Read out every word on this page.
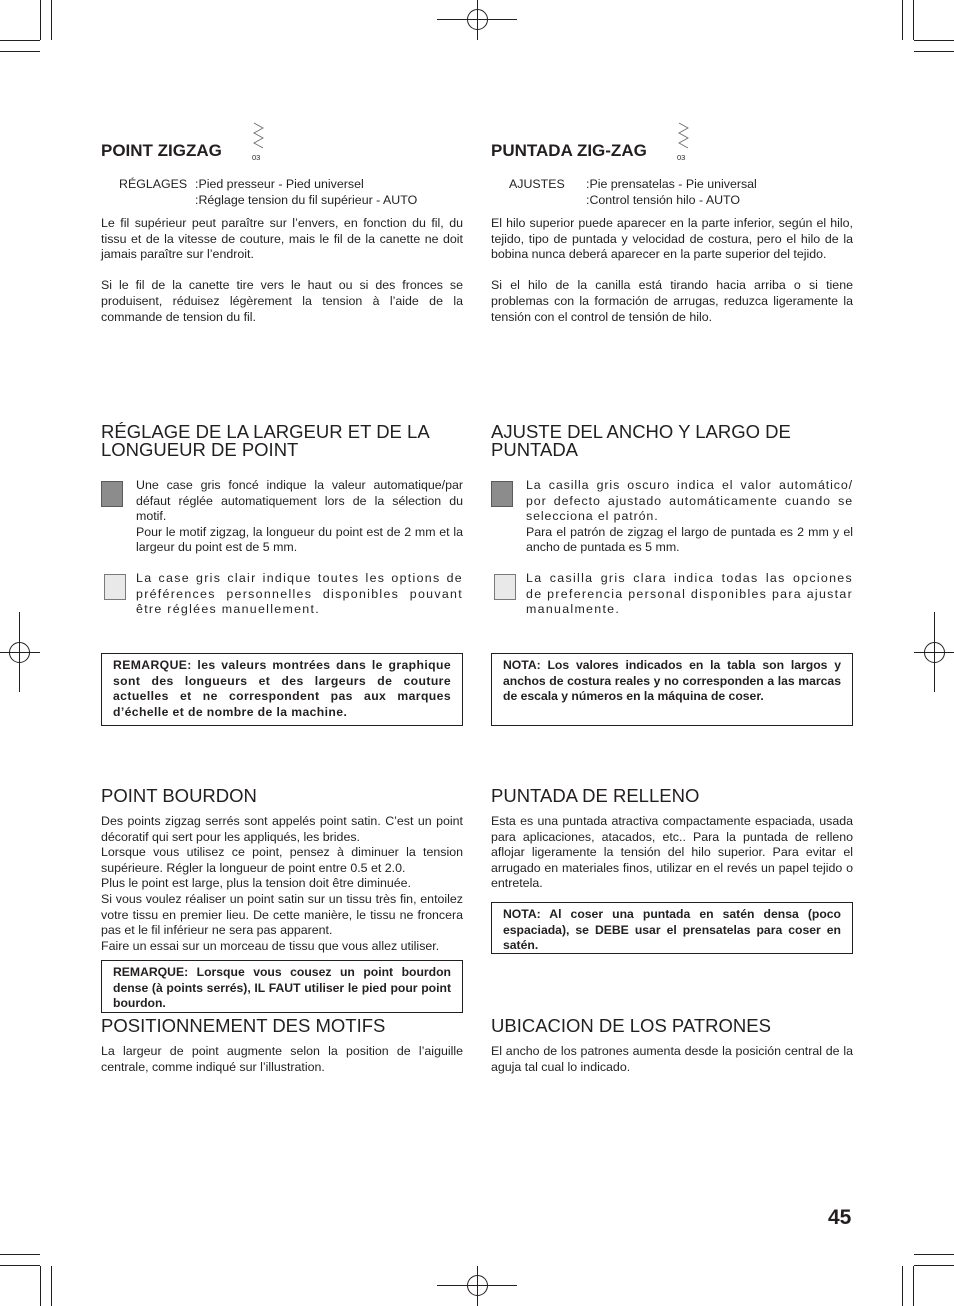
POINT ZIGZAG	03
RÉGLAGES :Pied presseur - Pied universel
:Réglage tension du fil supérieur - AUTO

Le fil supérieur peut paraître sur l’envers, en fonction du fil, du tissu et de la vitesse de couture, mais le fil de la canette ne doit jamais paraître sur l’endroit.

Si le fil de la canette tire vers le haut ou si des fronces se produisent, réduisez légèrement la tension à l’aide de la commande de tension du fil.

RÉGLAGE DE LA LARGEUR ET DE LA
LONGUEUR DE POINT

Une case gris foncé indique la valeur automatique/par défaut réglée automatiquement lors de la sélection du motif.

Pour le motif zigzag, la longueur du point est de 2 mm et la largeur du point est de 5 mm.

La case gris clair indique toutes les options de préférences personnelles disponibles pouvant être réglées manuellement.

REMARQUE: les valeurs montrées dans le graphique sont des longueurs et des largeurs de couture actuelles et ne correspondent pas aux marques d’échelle et de nombre de la machine.

POINT BOURDON

Des points zigzag serrés sont appelés point satin. C’est un point décoratif qui sert pour les appliqués, les brides.

Lorsque vous utilisez ce point, pensez à diminuer la tension supérieure. Régler la longueur de point entre 0.5 et 2.0.

Plus le point est large, plus la tension doit être diminuée.

Si vous voulez réaliser un point satin sur un tissu très fin, entoilez votre tissu en premier lieu. De cette manière, le tissu ne froncera pas et le fil inférieur ne sera pas apparent.

Faire un essai sur un morceau de tissu que vous allez utiliser.

REMARQUE: Lorsque vous cousez un point bourdon dense (à points serrés), IL FAUT utiliser le pied pour point bourdon.

POSITIONNEMENT DES MOTIFS

La largeur de point augmente selon la position de l’aiguille centrale, comme indiqué sur l’illustration.

PUNTADA ZIG-ZAG	03
AJUSTES :Pie prensatelas - Pie universal
:Control tensión hilo - AUTO

El hilo superior puede aparecer en la parte inferior, según el hilo, tejido, tipo de puntada y velocidad de costura, pero el hilo de la bobina nunca deberá aparecer en la parte superior del tejido.

Si el hilo de la canilla está tirando hacia arriba o si tiene problemas con la formación de arrugas, reduzca ligeramente la tensión con el control de tensión de hilo.

AJUSTE DEL ANCHO Y LARGO DE
PUNTADA

La casilla gris oscuro indica el valor automático/ por defecto ajustado automáticamente cuando se selecciona el patrón.

Para el patrón de zigzag el largo de puntada es 2 mm y el ancho de puntada es 5 mm.

La casilla gris clara indica todas las opciones de preferencia personal disponibles para ajustar manualmente.

NOTA: Los valores indicados en la tabla son largos y anchos de costura reales y no corresponden a las marcas de escala y números en la máquina de coser.

PUNTADA DE RELLENO

Esta es una puntada atractiva compactamente espaciada, usada para aplicaciones, atacados, etc.. Para la puntada de relleno aflojar ligeramente la tensión del hilo superior. Para evitar el arrugado en materiales finos, utilizar en el revés un papel tejido o entretela.

NOTA: Al coser una puntada en satén densa (poco espaciada), se DEBE usar el prensatelas para coser en satén.

UBICACION DE LOS PATRONES

El ancho de los patrones aumenta desde la posición central de la aguja tal cual lo indicado.

45
